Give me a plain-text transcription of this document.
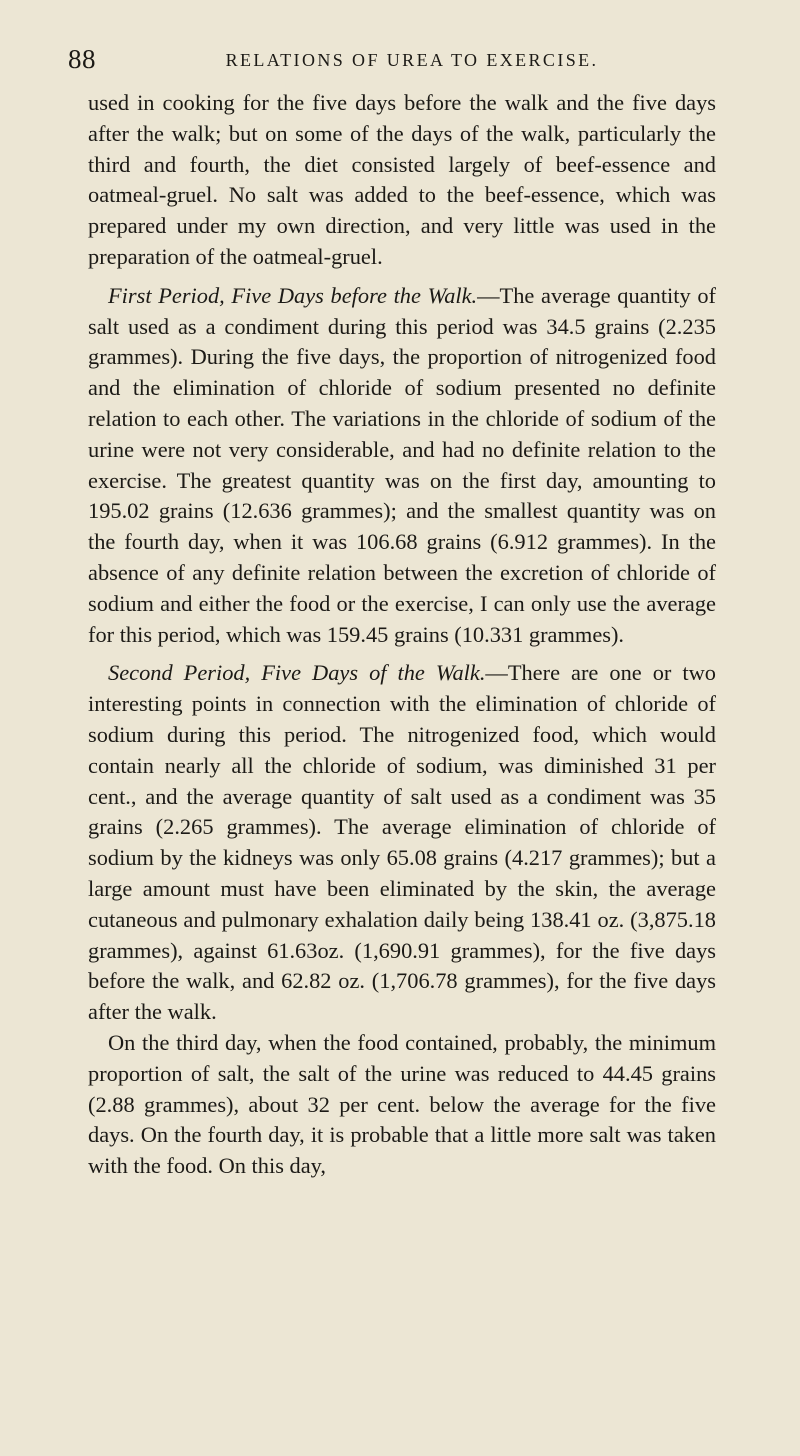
88	RELATIONS OF UREA TO EXERCISE.

used in cooking for the five days before the walk and the five days after the walk; but on some of the days of the walk, particularly the third and fourth, the diet consisted largely of beef-essence and oatmeal-gruel. No salt was added to the beef-essence, which was prepared under my own direction, and very little was used in the preparation of the oatmeal-gruel.

First Period, Five Days before the Walk.—The average quantity of salt used as a condiment during this period was 34.5 grains (2.235 grammes). During the five days, the proportion of nitrogenized food and the elimination of chloride of sodium presented no definite relation to each other. The variations in the chloride of sodium of the urine were not very considerable, and had no definite relation to the exercise. The greatest quantity was on the first day, amounting to 195.02 grains (12.636 grammes); and the smallest quantity was on the fourth day, when it was 106.68 grains (6.912 grammes). In the absence of any definite relation between the excretion of chloride of sodium and either the food or the exercise, I can only use the average for this period, which was 159.45 grains (10.331 grammes).

Second Period, Five Days of the Walk.—There are one or two interesting points in connection with the elimination of chloride of sodium during this period. The nitrogenized food, which would contain nearly all the chloride of sodium, was diminished 31 per cent., and the average quantity of salt used as a condiment was 35 grains (2.265 grammes). The average elimination of chloride of sodium by the kidneys was only 65.08 grains (4.217 grammes); but a large amount must have been eliminated by the skin, the average cutaneous and pulmonary exhalation daily being 138.41 oz. (3,875.18 grammes), against 61.63oz. (1,690.91 grammes), for the five days before the walk, and 62.82 oz. (1,706.78 grammes), for the five days after the walk.

On the third day, when the food contained, probably, the minimum proportion of salt, the salt of the urine was reduced to 44.45 grains (2.88 grammes), about 32 per cent. below the average for the five days. On the fourth day, it is probable that a little more salt was taken with the food. On this day,
